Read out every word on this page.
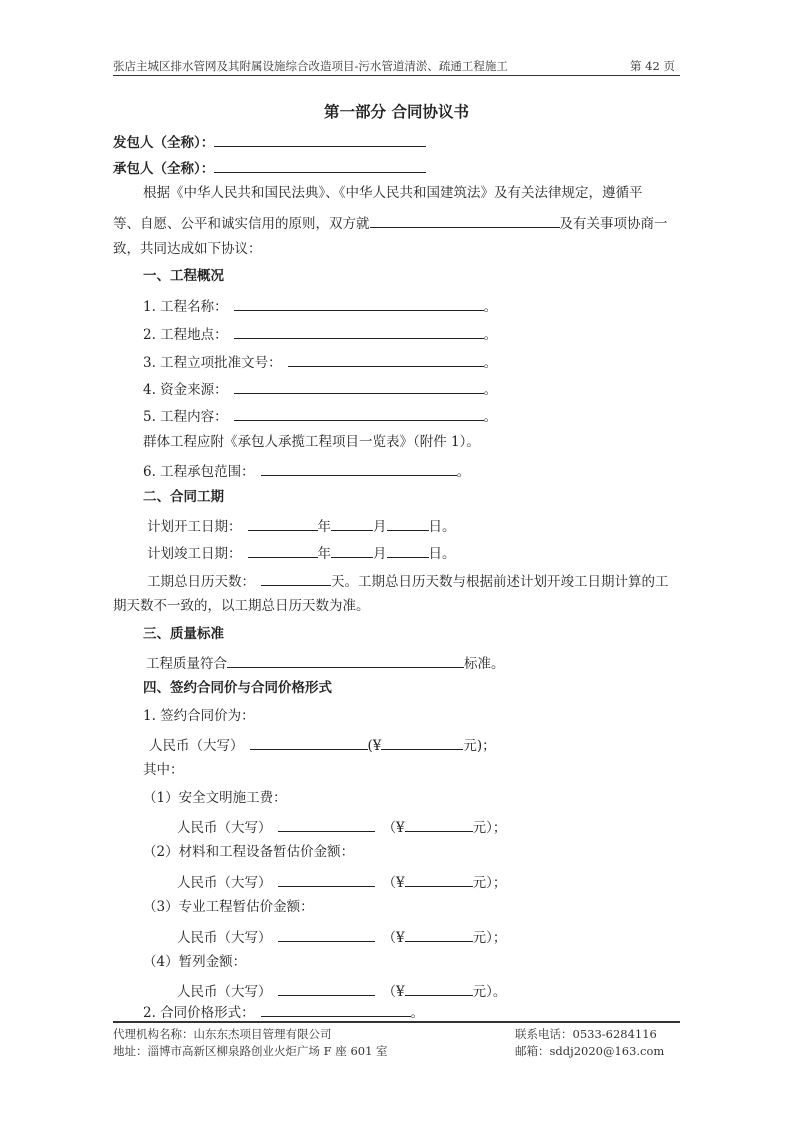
张店主城区排水管网及其附属设施综合改造项目-污水管道清淤、疏通工程施工	第 42 页
第一部分 合同协议书
发包人（全称）：
承包人（全称）：
根据《中华人民共和国民法典》、《中华人民共和国建筑法》及有关法律规定，遵循平
等、自愿、公平和诚实信用的原则，双方就	及有关事项协商一
致，共同达成如下协议：
一、工程概况
1. 工程名称：	。
2. 工程地点：	。
3. 工程立项批准文号：	。
4. 资金来源：	。
5. 工程内容：	。
群体工程应附《承包人承揽工程项目一览表》（附件 1）。
6. 工程承包范围：	。
二、合同工期
计划开工日期：	年	月	日。
计划竣工日期：	年	月	日。
工期总日历天数：	天。工期总日历天数与根据前述计划开竣工日期计算的工
期天数不一致的，以工期总日历天数为准。
三、质量标准
工程质量符合	标准。
四、签约合同价与合同价格形式
1. 签约合同价为：
人民币（大写）	(¥	元)；
其中：
（1）安全文明施工费：
人民币（大写）	（¥	元）；
（2）材料和工程设备暂估价金额：
人民币（大写）	（¥	元）；
（3）专业工程暂估价金额：
人民币（大写）	（¥	元）；
（4）暂列金额：
人民币（大写）	（¥	元）。
2. 合同价格形式：	。
代理机构名称：山东东杰项目管理有限公司	联系电话：0533-6284116
地址：淄博市高新区柳泉路创业火炬广场 F 座 601 室	邮箱：sddj2020@163.com
